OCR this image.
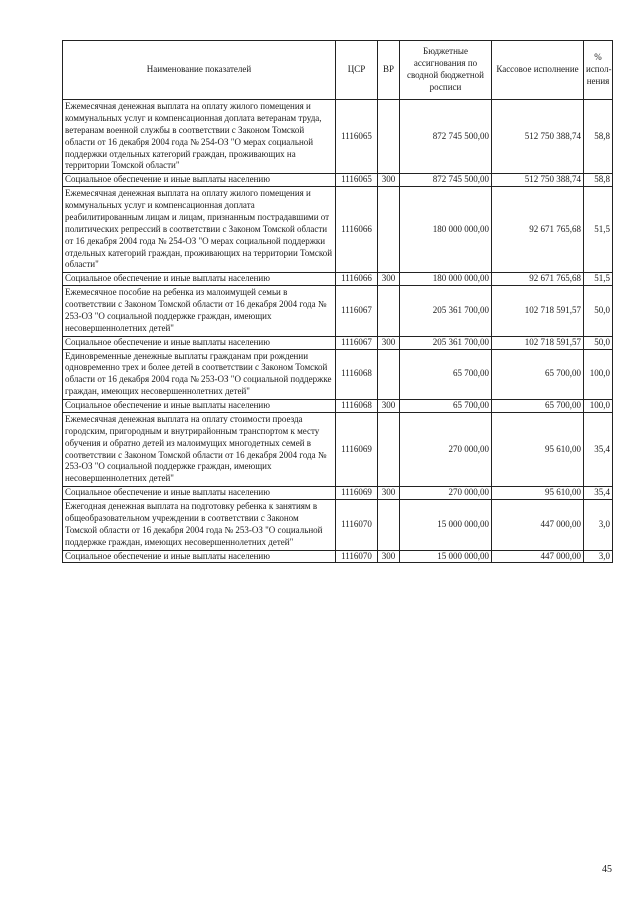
Наименование показателей	ЦСР	ВР	Бюджетные ассигнования по сводной бюджетной росписи	Кассовое исполнение	% испол-нения
Ежемесячная денежная выплата на оплату жилого помещения и коммунальных услуг и компенсационная доплата ветеранам труда, ветеранам военной службы в соответствии с Законом Томской области от 16 декабря 2004 года № 254-ОЗ "О мерах социальной поддержки отдельных категорий граждан, проживающих на территории Томской области"	1116065		872 745 500,00	512 750 388,74	58,8
Социальное обеспечение и иные выплаты населению	1116065	300	872 745 500,00	512 750 388,74	58,8
Ежемесячная денежная выплата на оплату жилого помещения и коммунальных услуг и компенсационная доплата реабилитированным лицам и лицам, признанным пострадавшими от политических репрессий в соответствии с Законом Томской области от 16 декабря 2004 года № 254-ОЗ "О мерах социальной поддержки отдельных категорий граждан, проживающих на территории Томской области"	1116066		180 000 000,00	92 671 765,68	51,5
Социальное обеспечение и иные выплаты населению	1116066	300	180 000 000,00	92 671 765,68	51,5
Ежемесячное пособие на ребенка из малоимущей семьи в соответствии с Законом Томской области от 16 декабря 2004 года № 253-ОЗ "О социальной поддержке граждан, имеющих несовершеннолетних детей"	1116067		205 361 700,00	102 718 591,57	50,0
Социальное обеспечение и иные выплаты населению	1116067	300	205 361 700,00	102 718 591,57	50,0
Единовременные денежные выплаты гражданам при рождении одновременно трех и более детей в соответствии с Законом Томской области от 16 декабря 2004 года № 253-ОЗ "О социальной поддержке граждан, имеющих несовершеннолетних детей"	1116068		65 700,00	65 700,00	100,0
Социальное обеспечение и иные выплаты населению	1116068	300	65 700,00	65 700,00	100,0
Ежемесячная денежная выплата на оплату стоимости проезда городским, пригородным и внутрирайонным транспортом к месту обучения и обратно детей из малоимущих многодетных семей в соответствии с Законом Томской области от 16 декабря 2004 года № 253-ОЗ "О социальной поддержке граждан, имеющих несовершеннолетних детей"	1116069		270 000,00	95 610,00	35,4
Социальное обеспечение и иные выплаты населению	1116069	300	270 000,00	95 610,00	35,4
Ежегодная денежная выплата на подготовку ребенка к занятиям в общеобразовательном учреждении в соответствии с Законом Томской области от 16 декабря 2004 года № 253-ОЗ "О социальной поддержке граждан, имеющих несовершеннолетних детей"	1116070		15 000 000,00	447 000,00	3,0
Социальное обеспечение и иные выплаты населению	1116070	300	15 000 000,00	447 000,00	3,0
45
